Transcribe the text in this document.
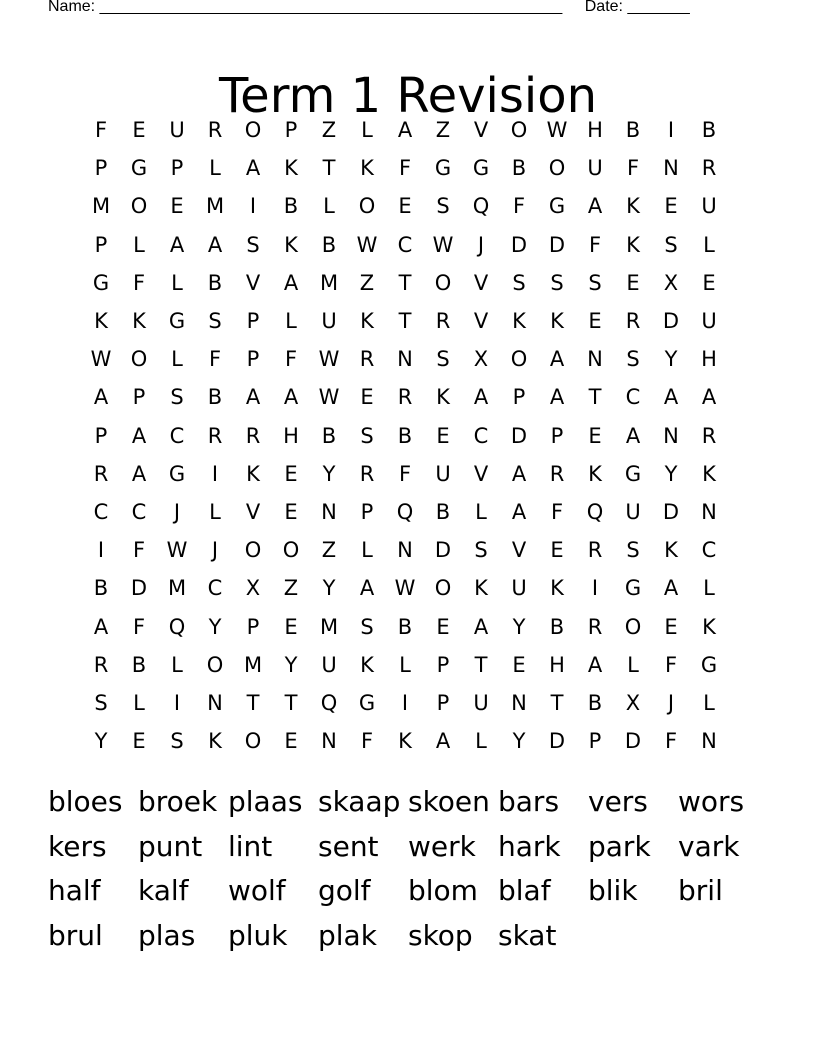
Name: ____________________________________________________ Date: _______
Term 1 Revision
F	E	U	R	O	P	Z	L	A	Z	V	O W H	B	I	B
P	G	P	L	A	K	T	K	F	G	G	B	O	U	F	N	R
M O	E	M	I	B	L	O	E	S	Q	F	G	A	K	E	U
P	L	A	A	S	K	B W C W	J	D	D	F	K	S	L
G	F	L	B	V	A	M	Z	T	O	V	S	S	S	E	X	E
K	K	G	S	P	L	U	K	T	R	V	K	K	E	R	D	U
W O	L	F	P	F	W R	N	S	X	O	A	N	S	Y	H
A	P	S	B	A	A W E	R	K	A	P	A	T	C	A	A
P	A	C	R	R	H	B	S	B	E	C	D	P	E	A	N	R
R	A	G	I	K	E	Y	R	F	U	V	A	R	K	G	Y	K
C	C	J	L	V	E	N	P	Q	B	L	A	F	Q	U	D	N
I	F	W	J	O	O	Z	L	N	D	S	V	E	R	S	K	C
B	D M	C	X	Z	Y	A W O	K	U	K	I	G	A	L
A	F	Q	Y	P	E	M	S	B	E	A	Y	B	R	O	E	K
R	B	L	O M	Y	U	K	L	P	T	E	H	A	L	F	G
S	L	I	N	T	T	Q	G	I	P	U	N	T	B	X	J	L
Y	E	S	K	O	E	N	F	K	A	L	Y	D	P	D	F	N
bloes broek plaas skaap skoen bars	vers	wors
kers	punt lint	sent	werk hark park vark
half	kalf	wolf	golf	blom blaf	blik	bril
brul	plas	pluk	plak	skop skat
